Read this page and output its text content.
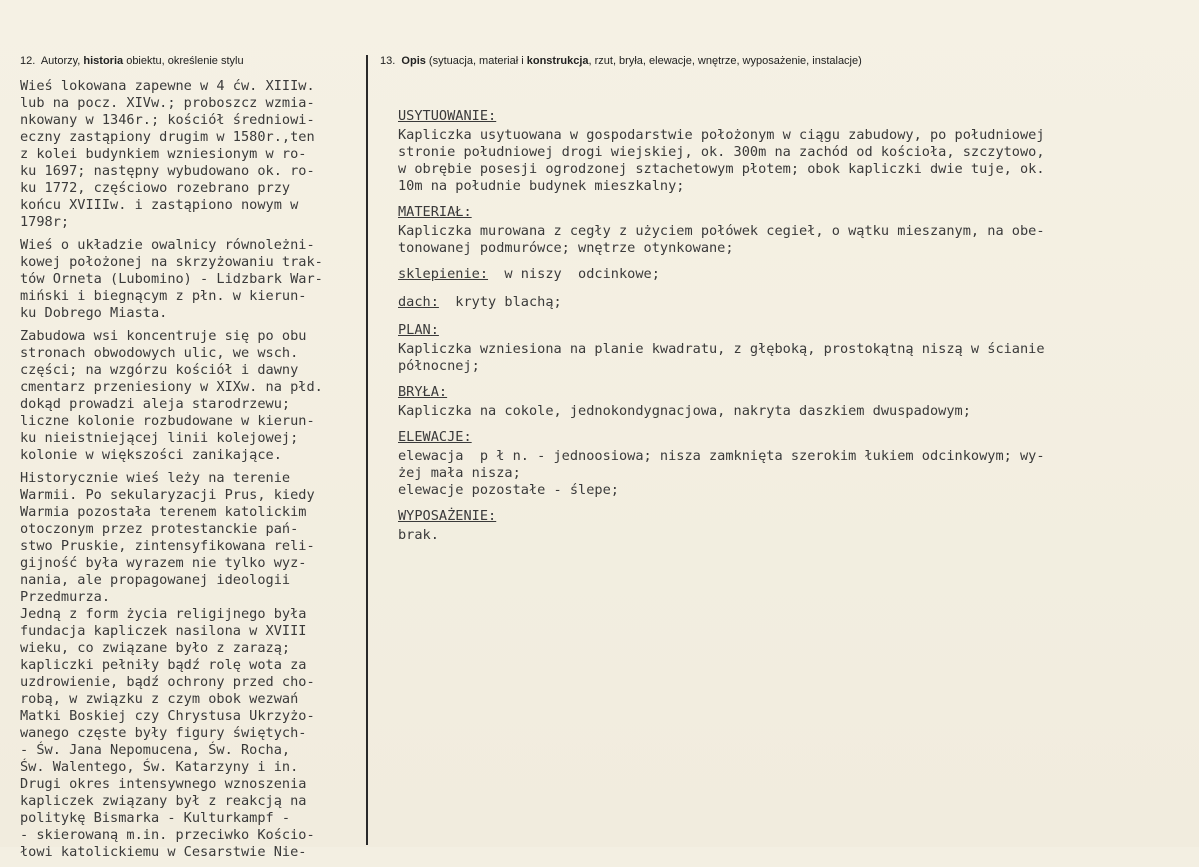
12. Autorzy, historia obiektu, określenie stylu	13. Opis (sytuacja, materiał i konstrukcja, rzut, bryła, elewacje, wnętrze, wyposażenie, instalacje)

Wieś lokowana zapewne w 4 ćw. XIIIw.
lub na pocz. XIVw.; proboszcz wzmia-
nkowany w 1346r.; kościół średniowi-
eczny zastąpiony drugim w 1580r.,ten
z kolei budynkiem wzniesionym w ro-
ku 1697; następny wybudowano ok. ro-
ku 1772, częściowo rozebrano przy
końcu XVIIIw. i zastąpiono nowym w
1798r;

Wieś o układzie owalnicy równoleżni-
kowej położonej na skrzyżowaniu trak-
tów Orneta (Lubomino) - Lidzbark War-
miński i biegnącym z płn. w kierun-
ku Dobrego Miasta.

Zabudowa wsi koncentruje się po obu
stronach obwodowych ulic, we wsch.
części; na wzgórzu kościół i dawny
cmentarz przeniesiony w XIXw. na płd.
dokąd prowadzi aleja starodrzewu;
liczne kolonie rozbudowane w kierun-
ku nieistniejącej linii kolejowej;
kolonie w większości zanikające.

Historycznie wieś leży na terenie
Warmii. Po sekularyzacji Prus, kiedy
Warmia pozostała terenem katolickim
otoczonym przez protestanckie pań-
stwo Pruskie, zintensyfikowana reli-
gijność była wyrazem nie tylko wyz-
nania, ale propagowanej ideologii
Przedmurza.
Jedną z form życia religijnego była
fundacja kapliczek nasilona w XVIII
wieku, co związane było z zarazą;
kapliczki pełniły bądź rolę wota za
uzdrowienie, bądź ochrony przed cho-
robą, w związku z czym obok wezwań
Matki Boskiej czy Chrystusa Ukrzyżo-
wanego częste były figury świętych-
- Św. Jana Nepomucena, Św. Rocha,
Św. Walentego, Św. Katarzyny i in.
Drugi okres intensywnego wznoszenia
kapliczek związany był z reakcją na
politykę Bismarka - Kulturkampf -
- skierowaną m.in. przeciwko Kościo-
łowi katolickiemu w Cesarstwie Nie-

USYTUOWANIE:
Kapliczka usytuowana w gospodarstwie położonym w ciągu zabudowy, po południowej
stronie południowej drogi wiejskiej, ok. 300m na zachód od kościoła, szczytowo,
w obrębie posesji ogrodzonej sztachetowym płotem; obok kapliczki dwie tuje, ok.
10m na południe budynek mieszkalny;
MATERIAŁ:
Kapliczka murowana z cegły z użyciem połówek cegieł, o wątku mieszanym, na obe-
tonowanej podmurówce; wnętrze otynkowane;
sklepienie:  w niszy  odcinkowe;
dach:  kryty blachą;
PLAN:
Kapliczka wzniesiona na planie kwadratu, z głęboką, prostokątną niszą w ścianie
północnej;
BRYŁA:
Kapliczka na cokole, jednokondygnacjowa, nakryta daszkiem dwuspadowym;
ELEWACJE:
elewacja  p ł n. - jednoosiowa; nisza zamknięta szerokim łukiem odcinkowym; wy-
żej mała nisza;
elewacje pozostałe - ślepe;
WYPOSAŻENIE:
brak.
